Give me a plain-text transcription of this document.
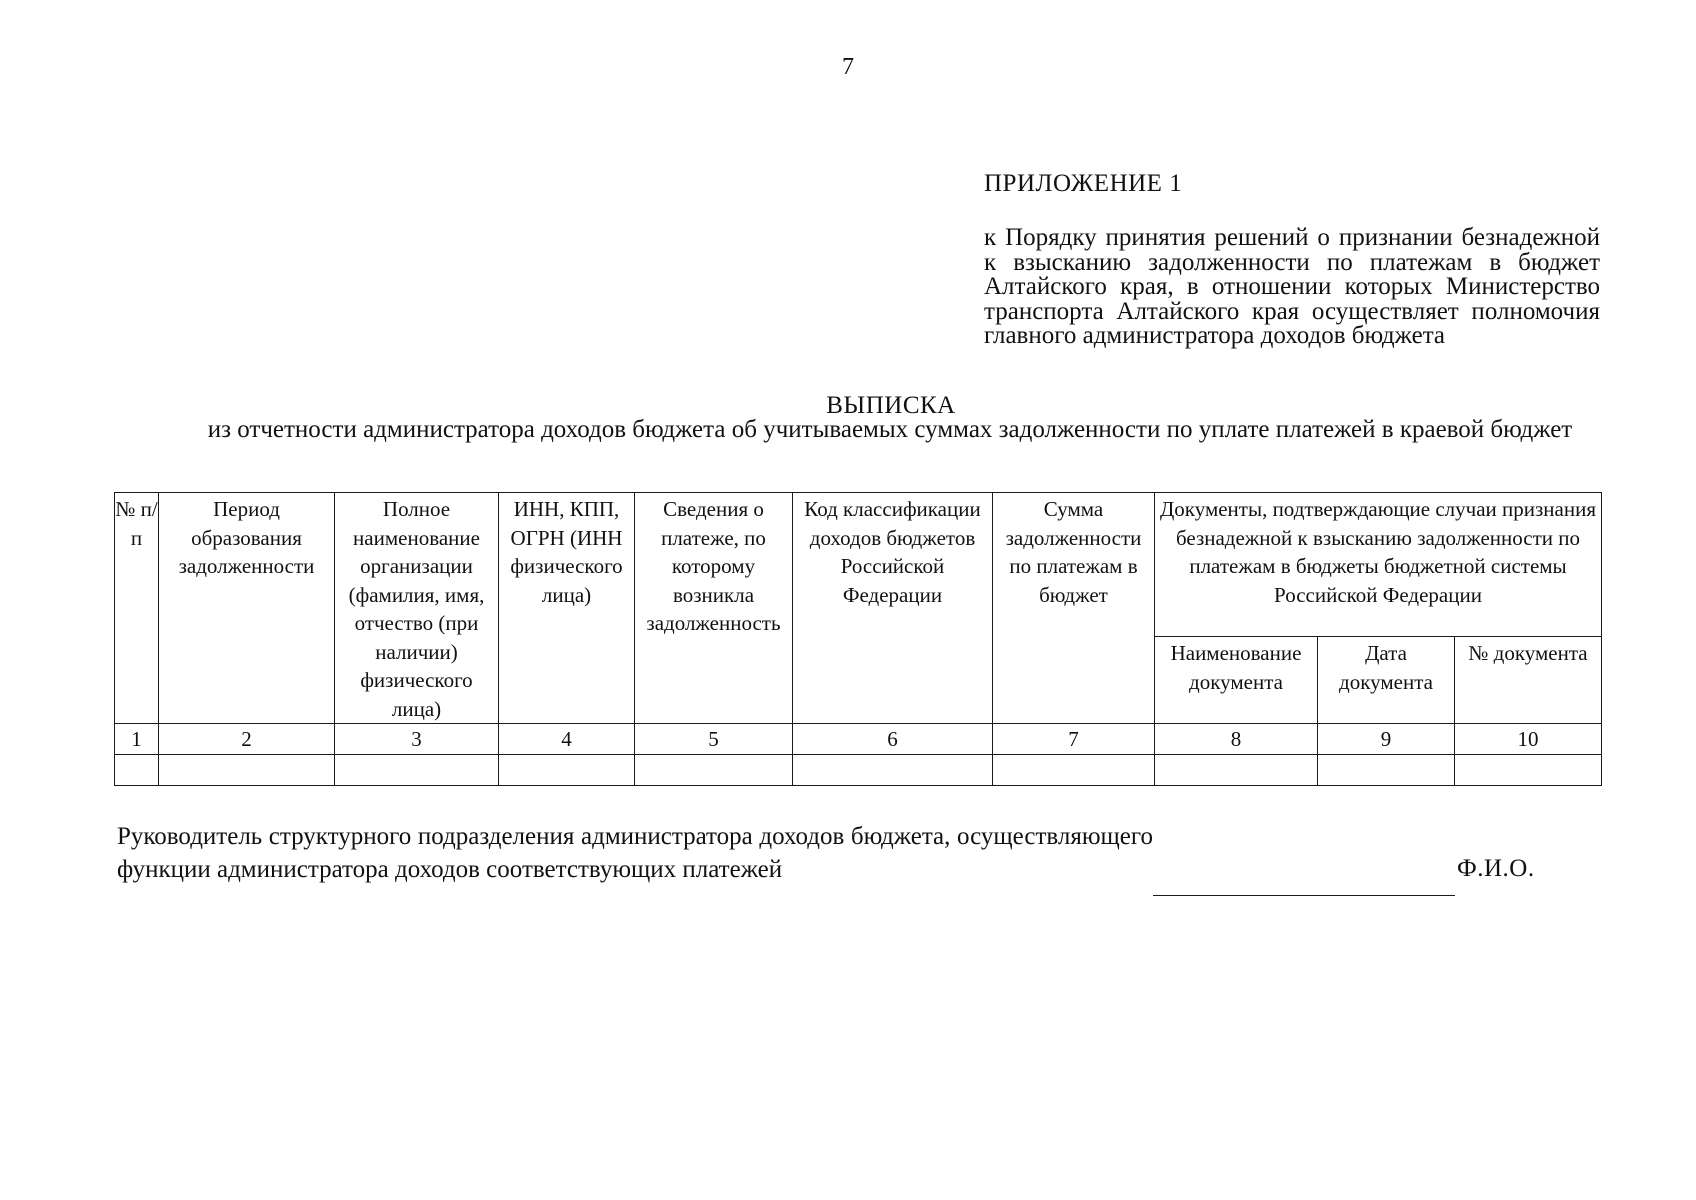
7
ПРИЛОЖЕНИЕ 1
к Порядку принятия решений о признании безнадежной к взысканию задолженности по платежам в бюджет Алтайского края, в отношении которых Министерство транспорта Алтайского края осуществляет полномочия главного администратора доходов бюджета
ВЫПИСКА
из отчетности администратора доходов бюджета об учитываемых суммах задолженности по уплате платежей в краевой бюджет
№ п/п	Период образования задолженности	Полное наименование организации (фамилия, имя, отчество (при наличии) физического лица)	ИНН, КПП, ОГРН (ИНН физического лица)	Сведения о платеже, по которому возникла задолженность	Код классификации доходов бюджетов Российской Федерации	Сумма задолженности по платежам в бюджет	Документы, подтверждающие случаи признания безнадежной к взысканию задолженности по платежам в бюджеты бюджетной системы Российской Федерации		
							Наименование документа	Дата документа	№ документа
1	2	3	4	5	6	7	8	9	10

Руководитель структурного подразделения администратора доходов бюджета, осуществляющего функции администратора доходов соответствующих платежей	Ф.И.О.
